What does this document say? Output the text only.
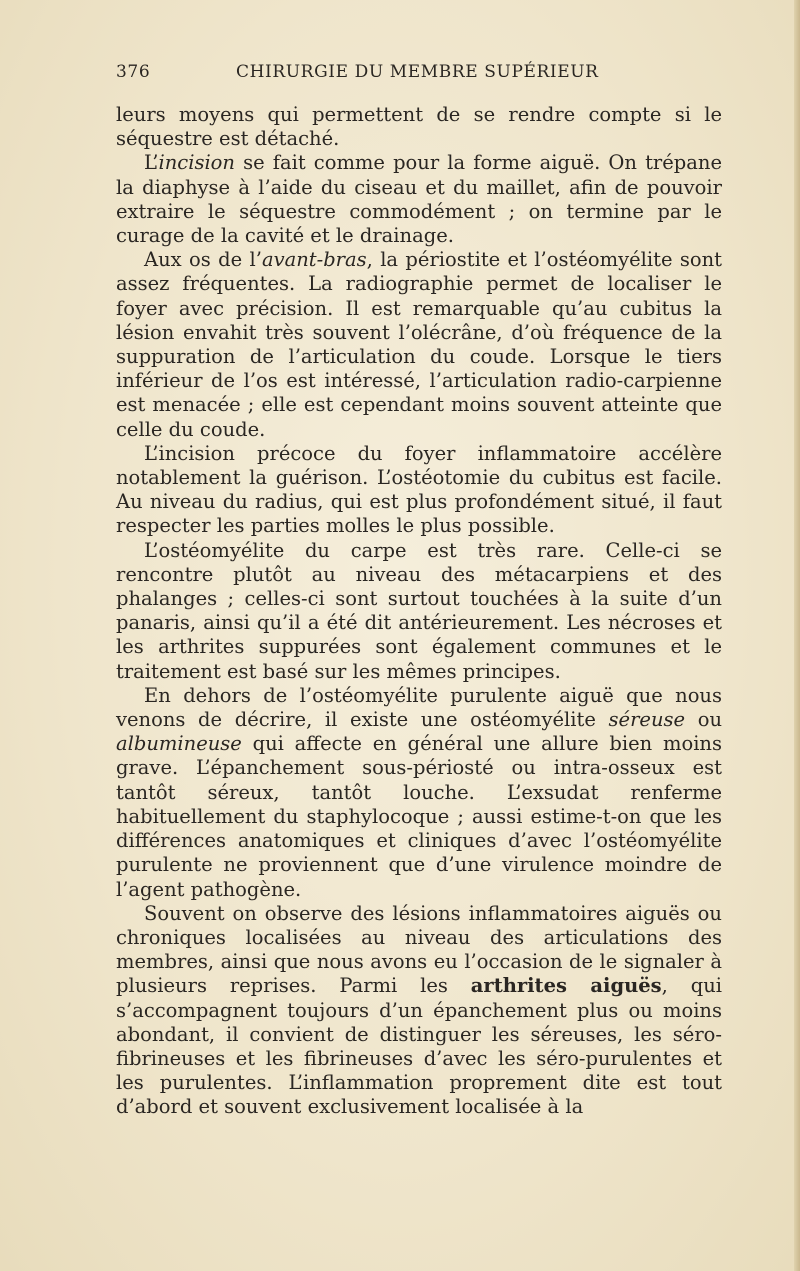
376	CHIRURGIE DU MEMBRE SUPÉRIEUR

leurs moyens qui permettent de se rendre compte si le séquestre est détaché.

L’incision se fait comme pour la forme aiguë. On trépane la diaphyse à l’aide du ciseau et du maillet, afin de pouvoir extraire le séquestre commodément ; on termine par le curage de la cavité et le drainage.

Aux os de l’avant-bras, la périostite et l’ostéomyélite sont assez fréquentes. La radiographie permet de localiser le foyer avec précision. Il est remarquable qu’au cubitus la lésion envahit très souvent l’olécrâne, d’où fréquence de la suppuration de l’articulation du coude. Lorsque le tiers inférieur de l’os est intéressé, l’articulation radio-carpienne est menacée ; elle est cependant moins souvent atteinte que celle du coude.

L’incision précoce du foyer inflammatoire accélère notablement la guérison. L’ostéotomie du cubitus est facile. Au niveau du radius, qui est plus profondément situé, il faut respecter les parties molles le plus possible.

L’ostéomyélite du carpe est très rare. Celle-ci se rencontre plutôt au niveau des métacarpiens et des phalanges ; celles-ci sont surtout touchées à la suite d’un panaris, ainsi qu’il a été dit antérieurement. Les nécroses et les arthrites suppurées sont également communes et le traitement est basé sur les mêmes principes.

En dehors de l’ostéomyélite purulente aiguë que nous venons de décrire, il existe une ostéomyélite séreuse ou albumineuse qui affecte en général une allure bien moins grave. L’épanchement sous-périosté ou intra-osseux est tantôt séreux, tantôt louche. L’exsudat renferme habituellement du staphylocoque ; aussi estime-t-on que les différences anatomiques et cliniques d’avec l’ostéomyélite purulente ne proviennent que d’une virulence moindre de l’agent pathogène.

Souvent on observe des lésions inflammatoires aiguës ou chroniques localisées au niveau des articulations des membres, ainsi que nous avons eu l’occasion de le signaler à plusieurs reprises. Parmi les arthrites aiguës, qui s’accompagnent toujours d’un épanchement plus ou moins abondant, il convient de distinguer les séreuses, les séro-fibrineuses et les fibrineuses d’avec les séro-purulentes et les purulentes. L’inflammation proprement dite est tout d’abord et souvent exclusivement localisée à la
